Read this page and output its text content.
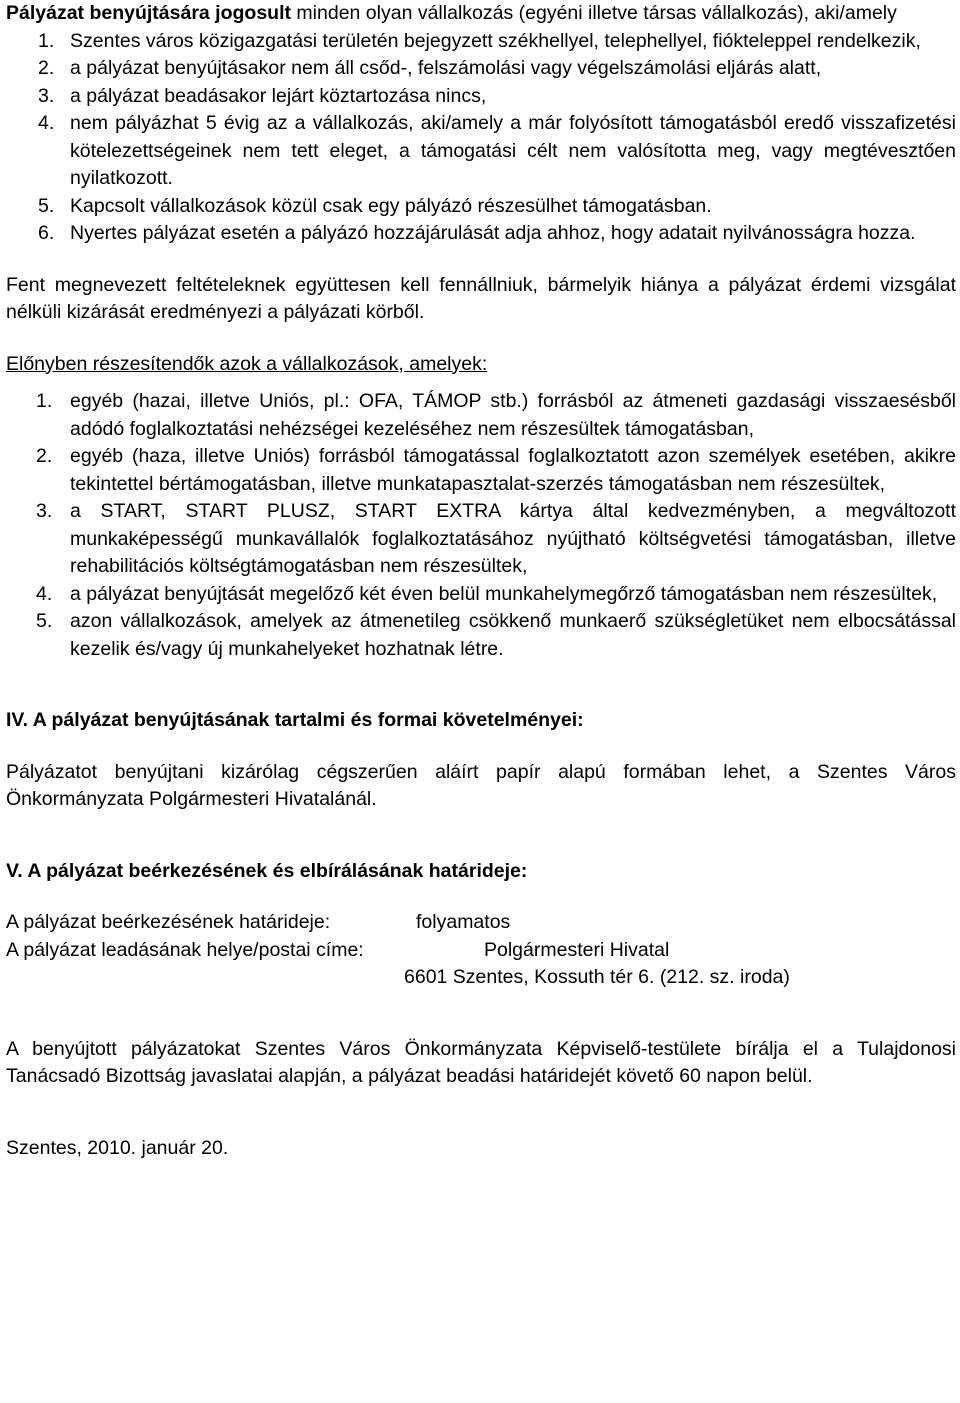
Pályázat benyújtására jogosult minden olyan vállalkozás (egyéni illetve társas vállalkozás), aki/amely

1. Szentes város közigazgatási területén bejegyzett székhellyel, telephellyel, fiókteleppel rendelkezik,
2. a pályázat benyújtásakor nem áll csőd-, felszámolási vagy végelszámolási eljárás alatt,
3. a pályázat beadásakor lejárt köztartozása nincs,
4. nem pályázhat 5 évig az a vállalkozás, aki/amely a már folyósított támogatásból eredő visszafizetési kötelezettségeinek nem tett eleget, a támogatási célt nem valósította meg, vagy megtévesztően nyilatkozott.
5. Kapcsolt vállalkozások közül csak egy pályázó részesülhet támogatásban.
6. Nyertes pályázat esetén a pályázó hozzájárulását adja ahhoz, hogy adatait nyilvánosságra hozza.

Fent megnevezett feltételeknek együttesen kell fennállniuk, bármelyik hiánya a pályázat érdemi vizsgálat nélküli kizárását eredményezi a pályázati körből.

Előnyben részesítendők azok a vállalkozások, amelyek:

1. egyéb (hazai, illetve Uniós, pl.: OFA, TÁMOP stb.) forrásból az átmeneti gazdasági visszaesésből adódó foglalkoztatási nehézségei kezeléséhez nem részesültek támogatásban,
2. egyéb (haza, illetve Uniós) forrásból támogatással foglalkoztatott azon személyek esetében, akikre tekintettel bértámogatásban, illetve munkatapasztalat-szerzés támogatásban nem részesültek,
3. a START, START PLUSZ, START EXTRA kártya által kedvezményben, a megváltozott munkaképességű munkavállalók foglalkoztatásához nyújtható költségvetési támogatásban, illetve rehabilitációs költségtámogatásban nem részesültek,
4. a pályázat benyújtását megelőző két éven belül munkahelymegőrző támogatásban nem részesültek,
5. azon vállalkozások, amelyek az átmenetileg csökkenő munkaerő szükségletüket nem elbocsátással kezelik és/vagy új munkahelyeket hozhatnak létre.

IV. A pályázat benyújtásának tartalmi és formai követelményei:

Pályázatot benyújtani kizárólag cégszerűen aláírt papír alapú formában lehet, a Szentes Város Önkormányzata Polgármesteri Hivatalánál.

V. A pályázat beérkezésének és elbírálásának határideje:

A pályázat beérkezésének határideje:	folyamatos

A pályázat leadásának helye/postai címe:	Polgármesteri Hivatal

6601 Szentes, Kossuth tér 6. (212. sz. iroda)

A benyújtott pályázatokat Szentes Város Önkormányzata Képviselő-testülete bírálja el a Tulajdonosi Tanácsadó Bizottság javaslatai alapján, a pályázat beadási határidejét követő 60 napon belül.

Szentes, 2010. január 20.
